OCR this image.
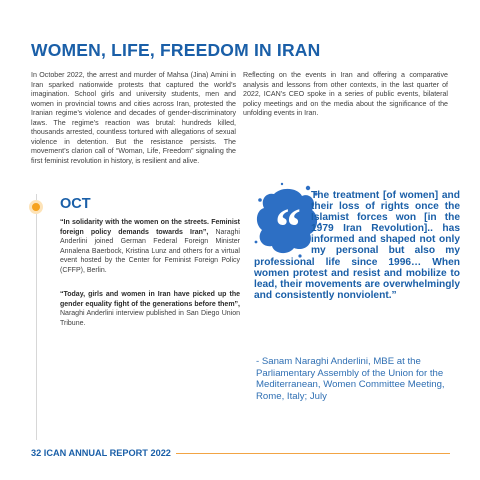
WOMEN, LIFE, FREEDOM IN IRAN

In October 2022, the arrest and murder of Mahsa (Jina) Amini in Iran sparked nationwide protests that captured the world’s imagination. School girls and university students, men and women in provincial towns and cities across Iran, protested the Iranian regime’s violence and decades of gender-discriminatory laws. The regime’s reaction was brutal: hundreds killed, thousands arrested, countless tortured with allegations of sexual violence in detention. But the resistance persists. The movement’s clarion call of “Woman, Life, Freedom” signaling the first feminist revolution in history, is resilient and alive.

Reflecting on the events in Iran and offering a comparative analysis and lessons from other contexts, in the last quarter of 2022, ICAN’s CEO spoke in a series of public events, bilateral policy meetings and on the media about the significance of the unfolding events in Iran.

OCT

“In solidarity with the women on the streets. Feminist foreign policy demands towards Iran”, Naraghi Anderlini joined German Federal Foreign Minister Annalena Baerbock, Kristina Lunz and others for a virtual event hosted by the Center for Feminist Foreign Policy (CFFP), Berlin.

“Today, girls and women in Iran have picked up the gender equality fight of the generations before them”, Naraghi Anderlini interview published in San Diego Union Tribune.

“

The treatment [of women] and their loss of rights once the Islamist forces won [in the 1979 Iran Revolution].. has informed and shaped not only my personal but also my professional life since 1996… When women protest and resist and mobilize to lead, their movements are overwhelmingly and consistently nonviolent.”

- Sanam Naraghi Anderlini, MBE at the Parliamentary Assembly of the Union for the Mediterranean, Women Committee Meeting, Rome, Italy; July

32 ICAN ANNUAL REPORT 2022
